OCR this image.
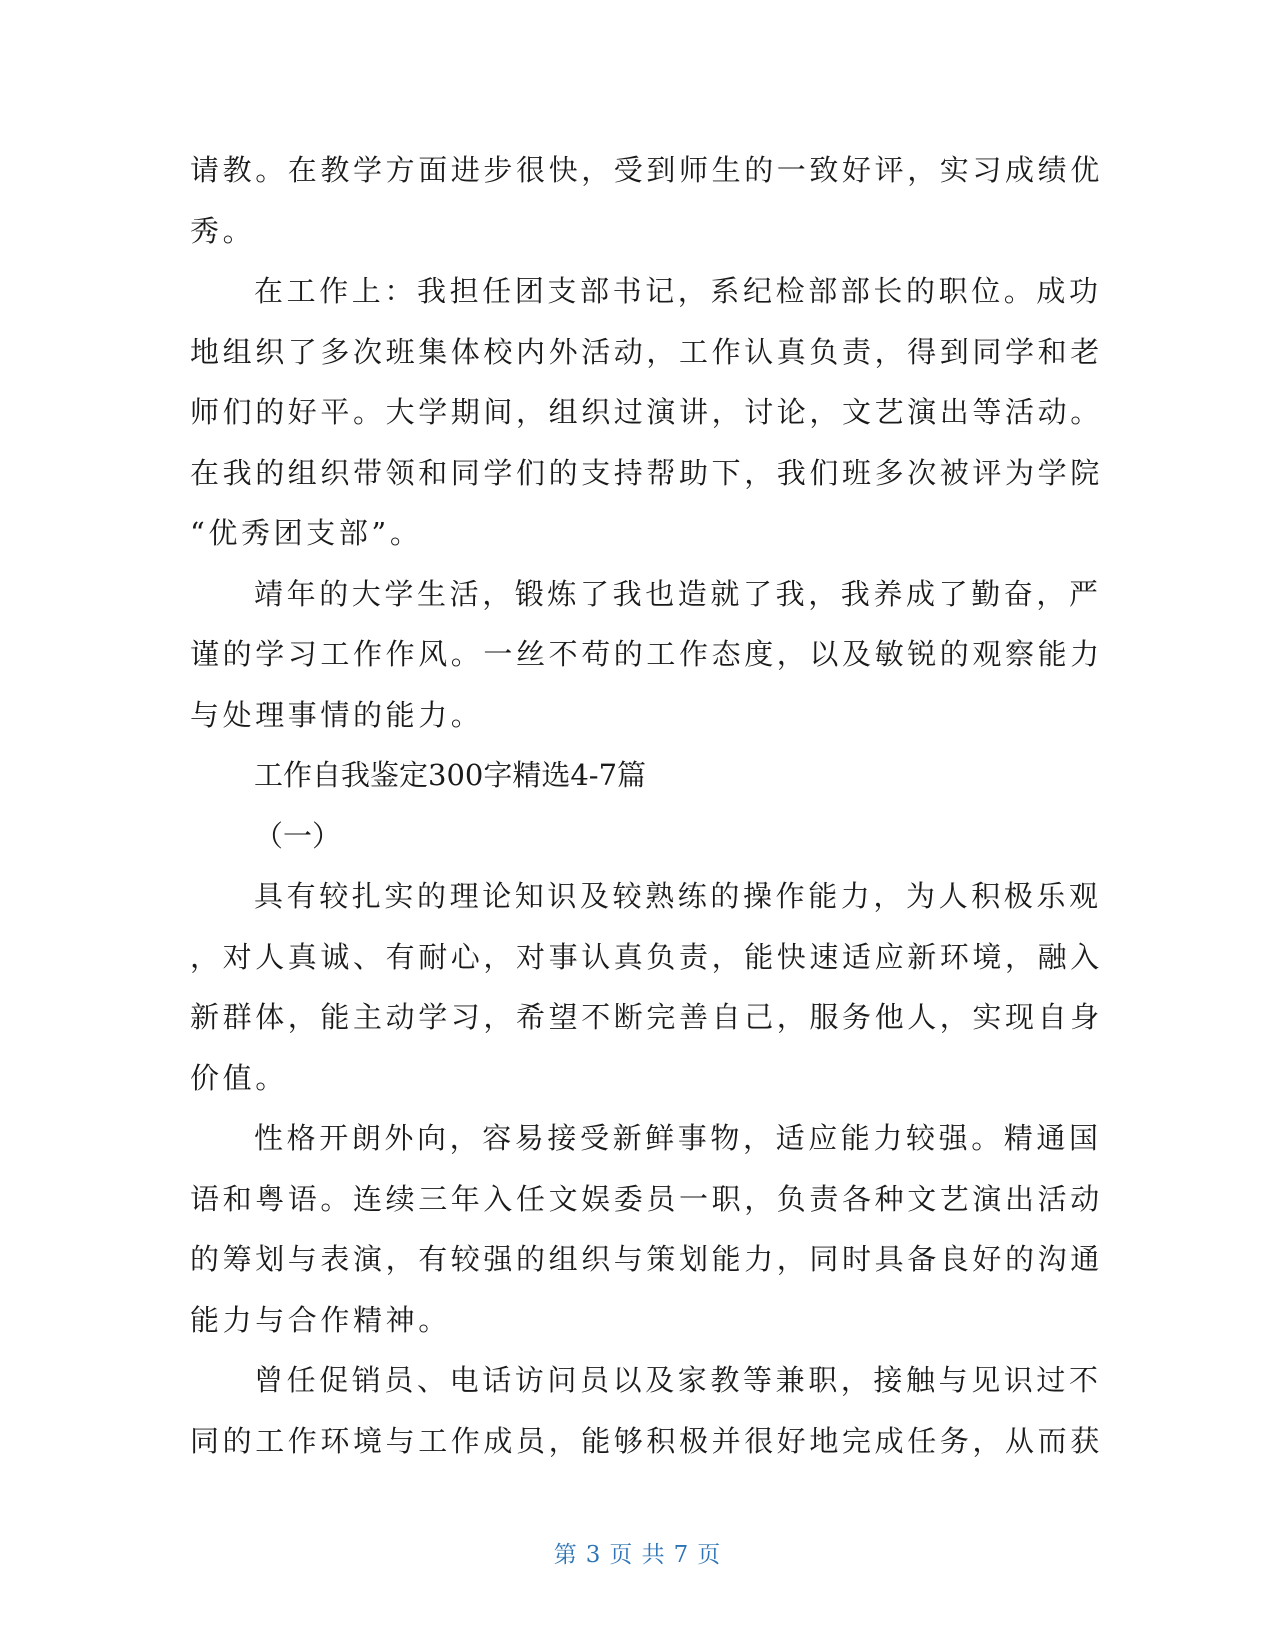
请教。在教学方面进步很快，受到师生的一致好评，实习成绩优
秀。
在工作上：我担任团支部书记，系纪检部部长的职位。成功
地组织了多次班集体校内外活动，工作认真负责，得到同学和老
师们的好平。大学期间，组织过演讲，讨论，文艺演出等活动。
在我的组织带领和同学们的支持帮助下，我们班多次被评为学院
“优秀团支部”。
靖年的大学生活，锻炼了我也造就了我，我养成了勤奋，严
谨的学习工作作风。一丝不苟的工作态度，以及敏锐的观察能力
与处理事情的能力。
工作自我鉴定300字精选4-7篇
（一）
具有较扎实的理论知识及较熟练的操作能力，为人积极乐观
，对人真诚、有耐心，对事认真负责，能快速适应新环境，融入
新群体，能主动学习，希望不断完善自己，服务他人，实现自身
价值。
性格开朗外向，容易接受新鲜事物，适应能力较强。精通国
语和粤语。连续三年入任文娱委员一职，负责各种文艺演出活动
的筹划与表演，有较强的组织与策划能力，同时具备良好的沟通
能力与合作精神。
曾任促销员、电话访问员以及家教等兼职，接触与见识过不
同的工作环境与工作成员，能够积极并很好地完成任务，从而获
第 3 页 共 7 页
